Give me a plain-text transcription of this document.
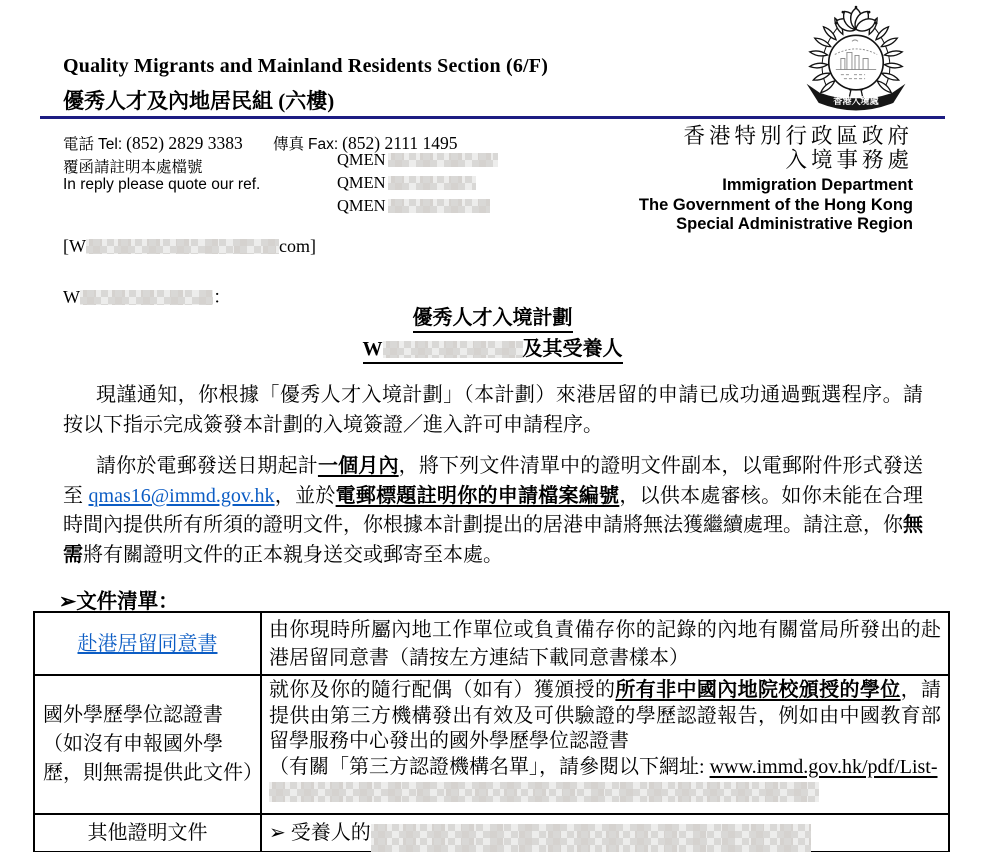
香港入境處
Quality Migrants and Mainland Residents Section (6/F)
優秀人才及內地居民組 (六樓)
香港特別行政區政府
入境事務處
Immigration Department
The Government of the Hong Kong
Special Administrative Region
電話 Tel: (852) 2829 3383 傳真 Fax: (852) 2111 1495
覆函請註明本處檔號
In reply please quote our ref.
QMEN
QMEN
QMEN
[W	com]
W	：
優秀人才入境計劃
W	及其受養人
現謹通知，你根據「優秀人才入境計劃」（本計劃）來港居留的申請已成功通過甄選程序。請按以下指示完成簽發本計劃的入境簽證／進入許可申請程序。
請你於電郵發送日期起計一個月內，將下列文件清單中的證明文件副本，以電郵附件形式發送至 qmas16@immd.gov.hk，並於電郵標題註明你的申請檔案編號，以供本處審核。如你未能在合理時間內提供所有所須的證明文件，你根據本計劃提出的居港申請將無法獲繼續處理。請注意，你無需將有關證明文件的正本親身送交或郵寄至本處。
➢文件清單：
赴港居留同意書	由你現時所屬內地工作單位或負責備存你的記錄的內地有關當局所發出的赴港居留同意書（請按左方連結下載同意書樣本）
國外學歷學位認證書（如沒有申報國外學歷，則無需提供此文件）	就你及你的隨行配偶（如有）獲頒授的所有非中國內地院校頒授的學位，請提供由第三方機構發出有效及可供驗證的學歷認證報告，例如由中國教育部留學服務中心發出的國外學歷學位認證書
（有關「第三方認證機構名單」，請參閱以下網址: www.immd.gov.hk/pdf/List-

其他證明文件	➢ 受養人的
